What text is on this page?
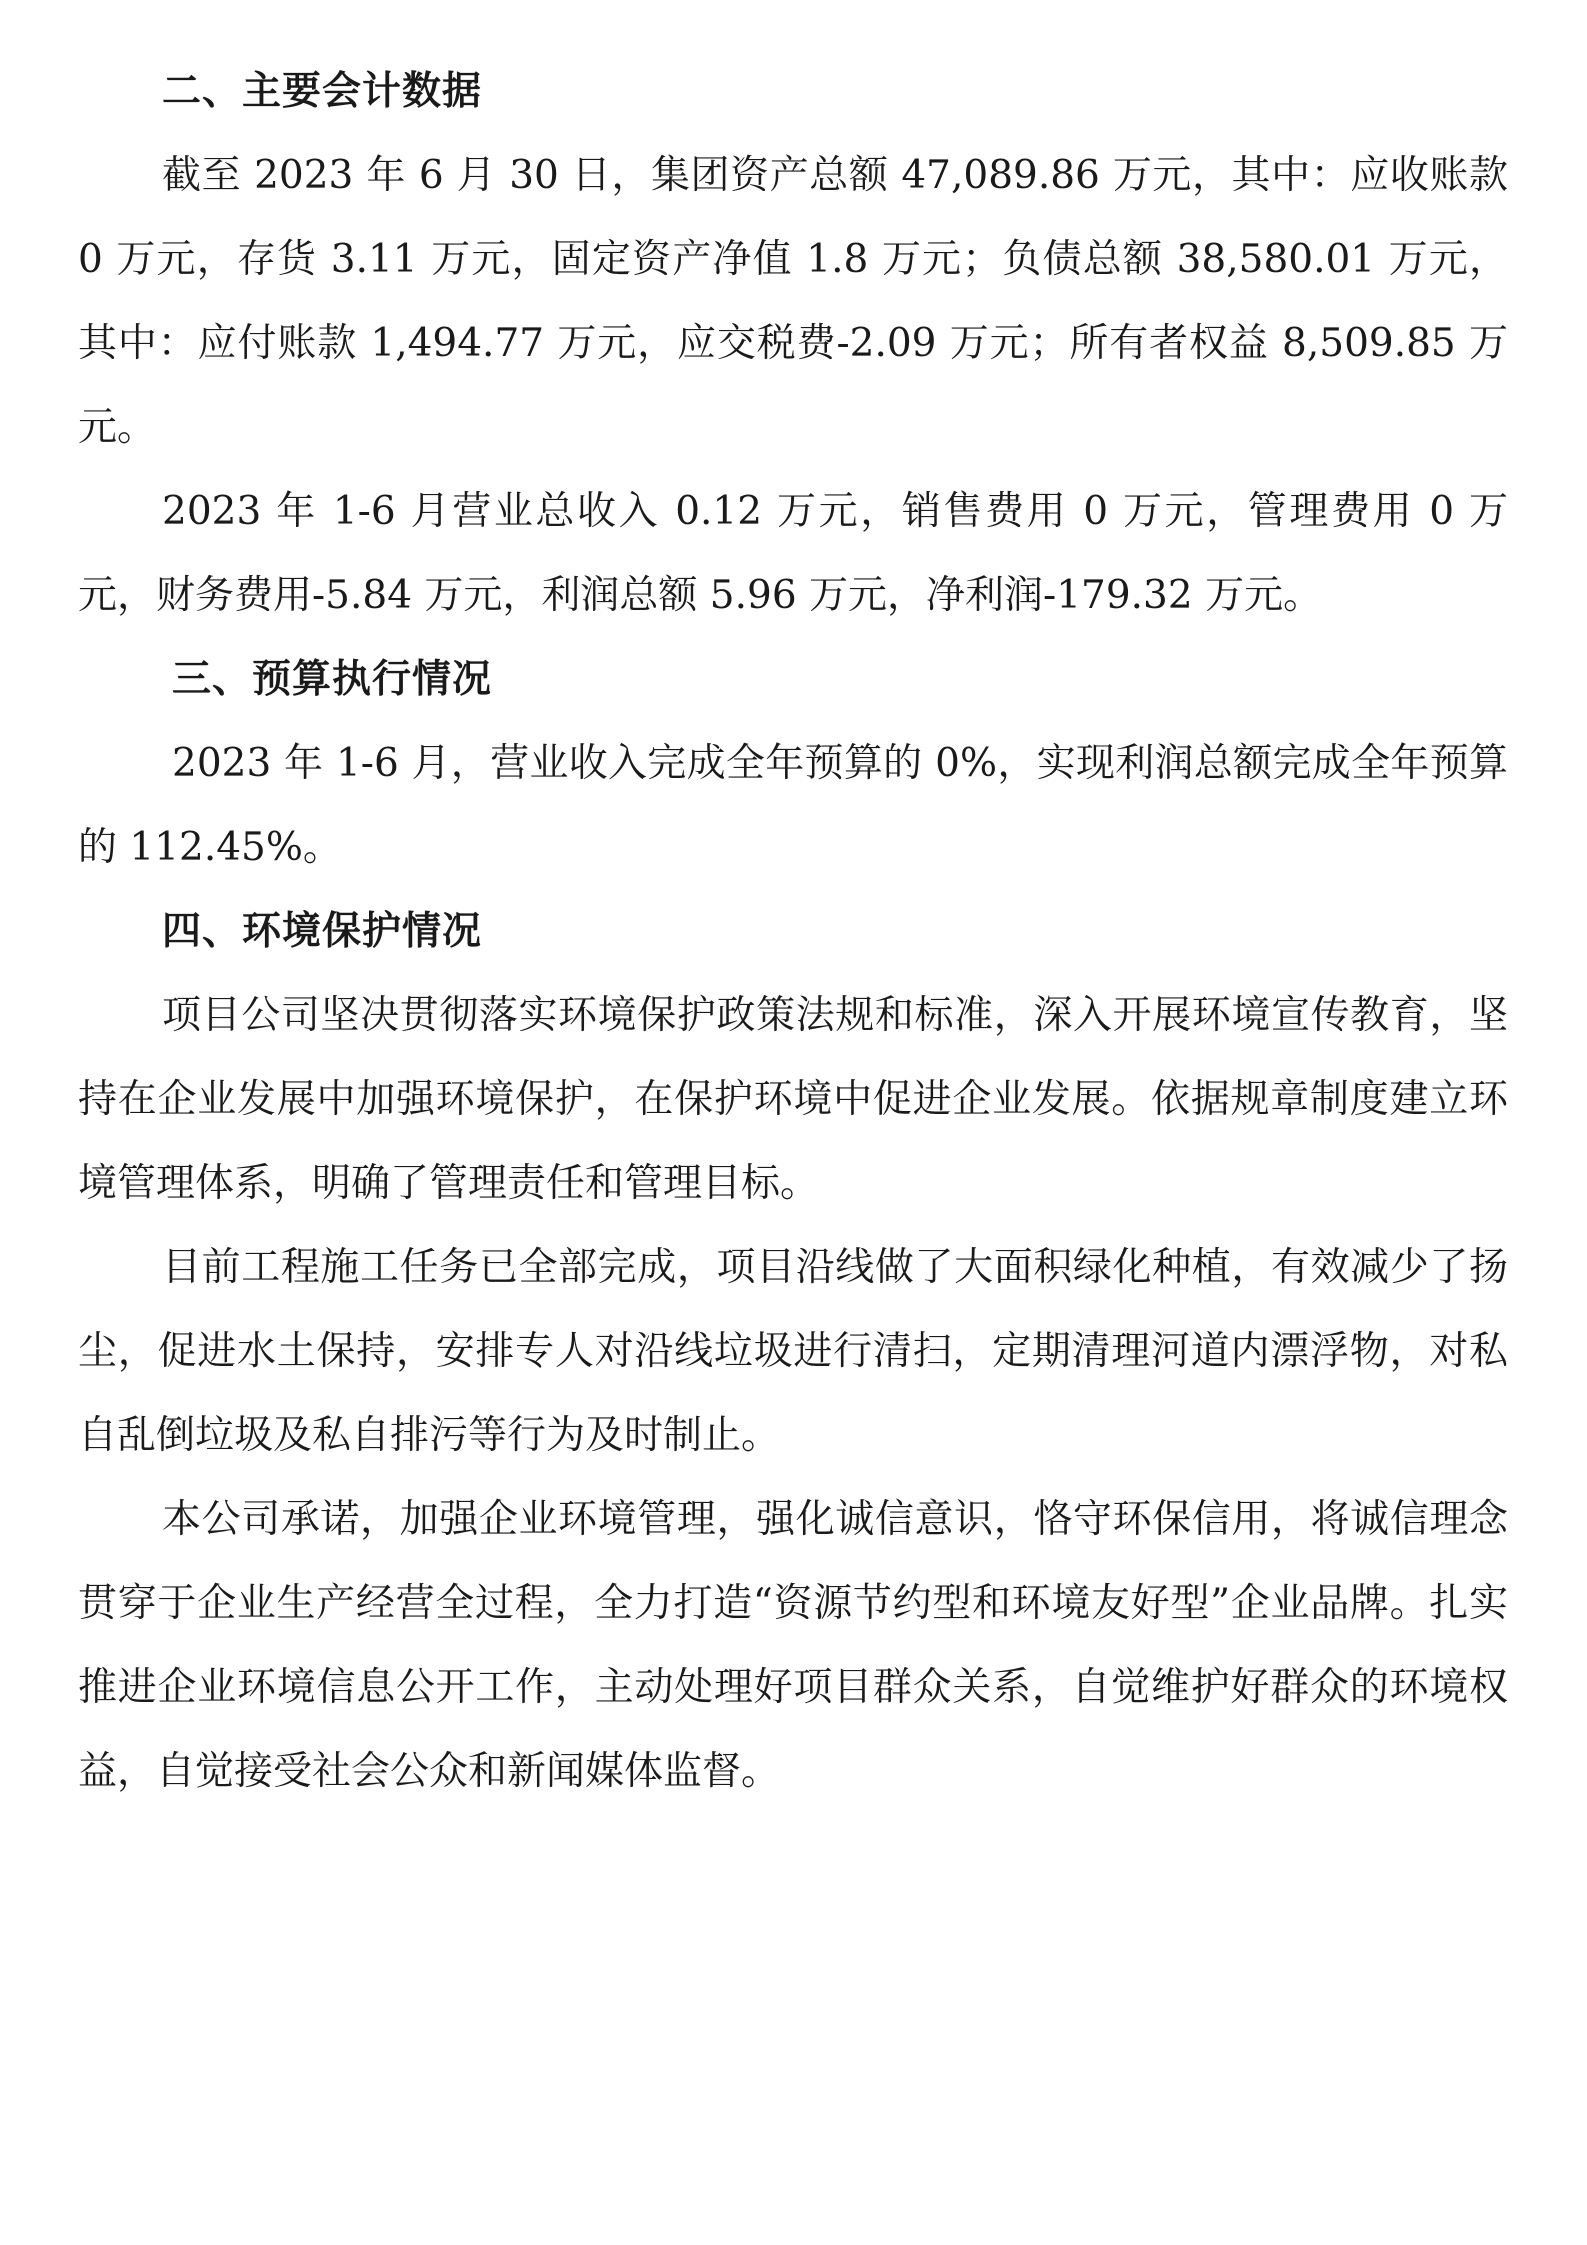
二、主要会计数据

截至 2023 年 6 月 30 日，集团资产总额 47,089.86 万元，其中：应收账款 0 万元，存货 3.11 万元，固定资产净值 1.8 万元；负债总额 38,580.01 万元，其中：应付账款 1,494.77 万元，应交税费-2.09 万元；所有者权益 8,509.85 万元。

2023 年 1-6 月营业总收入 0.12 万元，销售费用 0 万元，管理费用 0 万元，财务费用-5.84 万元，利润总额 5.96 万元，净利润-179.32 万元。

三、预算执行情况

2023 年 1-6 月，营业收入完成全年预算的 0%，实现利润总额完成全年预算的 112.45%。

四、环境保护情况

项目公司坚决贯彻落实环境保护政策法规和标准，深入开展环境宣传教育，坚持在企业发展中加强环境保护，在保护环境中促进企业发展。依据规章制度建立环境管理体系，明确了管理责任和管理目标。

目前工程施工任务已全部完成，项目沿线做了大面积绿化种植，有效减少了扬尘，促进水土保持，安排专人对沿线垃圾进行清扫，定期清理河道内漂浮物，对私自乱倒垃圾及私自排污等行为及时制止。

本公司承诺，加强企业环境管理，强化诚信意识，恪守环保信用，将诚信理念贯穿于企业生产经营全过程，全力打造“资源节约型和环境友好型”企业品牌。扎实推进企业环境信息公开工作，主动处理好项目群众关系，自觉维护好群众的环境权益，自觉接受社会公众和新闻媒体监督。
